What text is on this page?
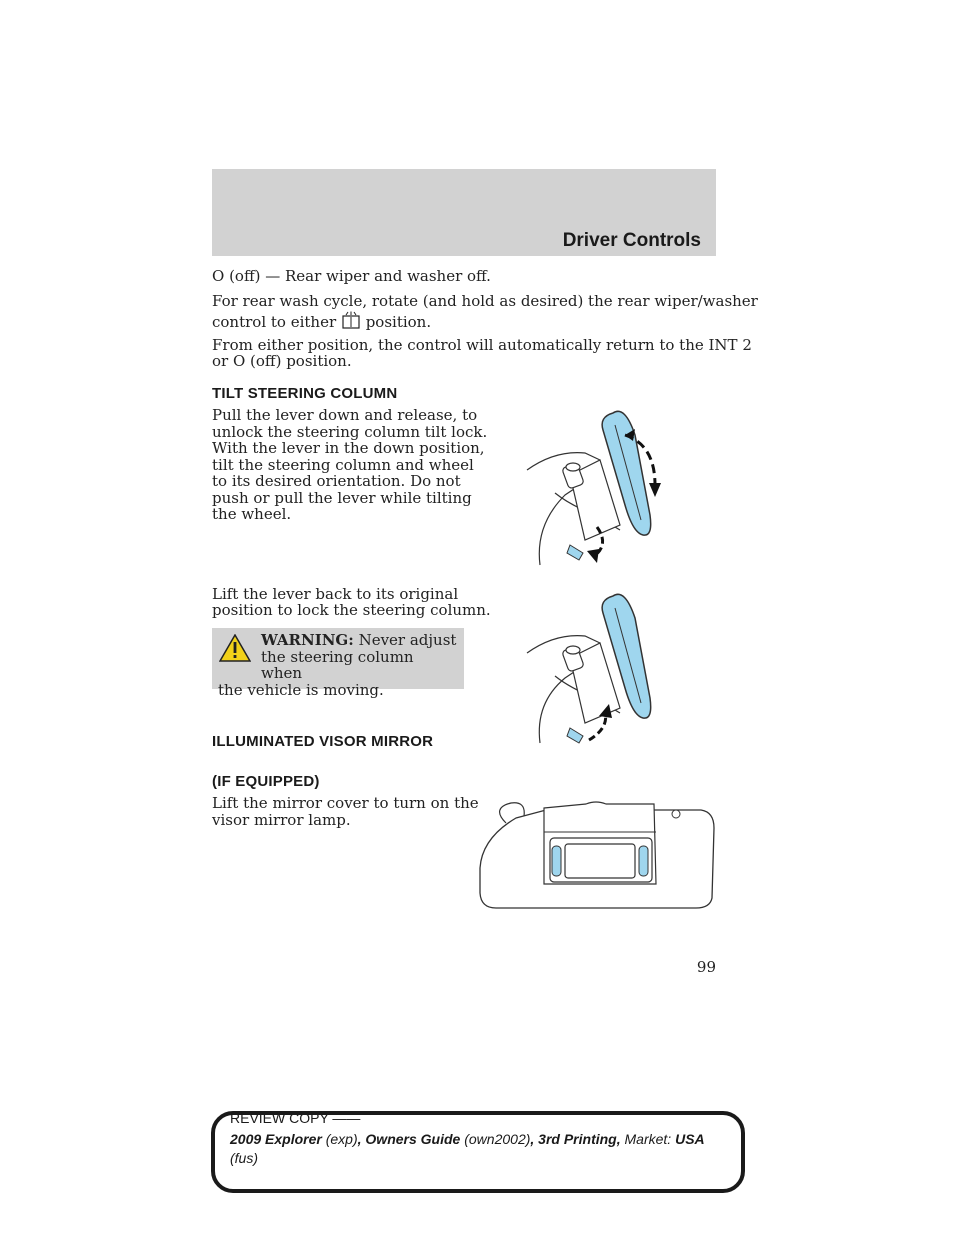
Driver Controls

O (off) — Rear wiper and washer off.

For rear wash cycle, rotate (and hold as desired) the rear wiper/washer

control to either position.

From either position, the control will automatically return to the INT 2

or O (off) position.

TILT STEERING COLUMN

Pull the lever down and release, to

unlock the steering column tilt lock.

With the lever in the down position,

tilt the steering column and wheel

to its desired orientation. Do not

push or pull the lever while tilting

the wheel.

Lift the lever back to its original

position to lock the steering column.

WARNING: Never adjust
the steering column when
the vehicle is moving.

ILLUMINATED VISOR MIRROR
(IF EQUIPPED)

Lift the mirror cover to turn on the

visor mirror lamp.

99

REVIEW COPY ——

2009 Explorer (exp), Owners Guide (own2002), 3rd Printing, Market: USA

(fus)
